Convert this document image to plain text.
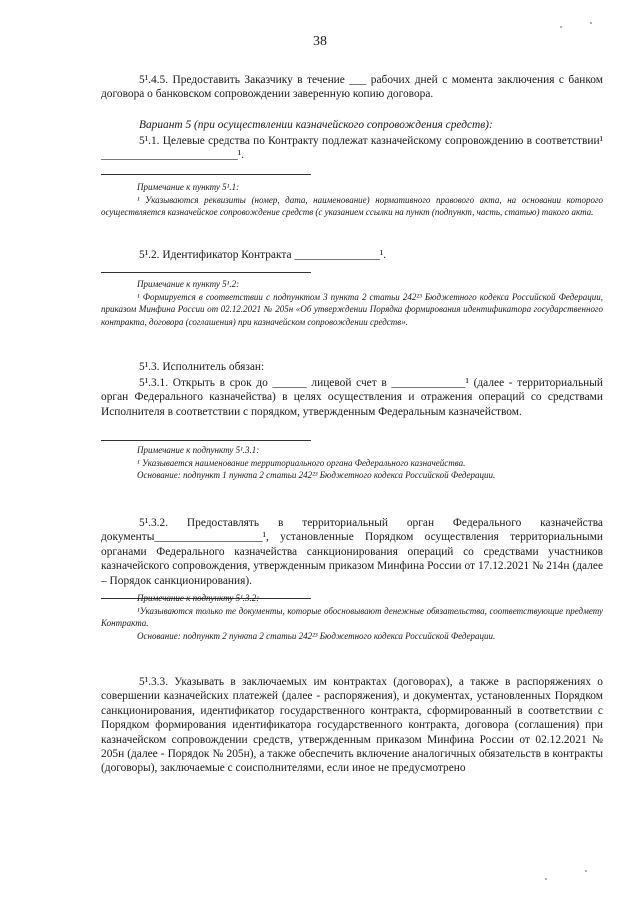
38
5¹.4.5. Предоставить Заказчику в течение ___ рабочих дней с момента заключения с банком договора о банковском сопровождении заверенную копию договора.
Вариант 5 (при осуществлении казначейского сопровождения средств):
5¹.1. Целевые средства по Контракту подлежат казначейскому сопровождению в соответствии¹ ________________________¹.
Примечание к пункту 5¹.1:
¹ Указываются реквизиты (номер, дата, наименование) нормативного правового акта, на основании которого осуществляется казначейское сопровождение средств (с указанием ссылки на пункт (подпункт, часть, статью) такого акта.
5¹.2. Идентификатор Контракта _______________¹.
Примечание к пункту 5¹.2:
¹ Формируется в соответствии с подпунктом 3 пункта 2 статьи 242²³ Бюджетного кодекса Российской Федерации, приказом Минфина России от 02.12.2021 № 205н «Об утверждении Порядка формирования идентификатора государственного контракта, договора (соглашения) при казначейском сопровождении средств».
5¹.3. Исполнитель обязан:
5¹.3.1. Открыть в срок до ______ лицевой счет в _____________¹ (далее - территориальный орган Федерального казначейства) в целях осуществления и отражения операций со средствами Исполнителя в соответствии с порядком, утвержденным Федеральным казначейством.
Примечание к подпункту 5¹.3.1:
¹ Указывается наименование территориального органа Федерального казначейства.
Основание: подпункт 1 пункта 2 статьи 242²³ Бюджетного кодекса Российской Федерации.
5¹.3.2. Предоставлять в территориальный орган Федерального казначейства документы___________________¹, установленные Порядком осуществления территориальными органами Федерального казначейства санкционирования операций со средствами участников казначейского сопровождения, утвержденным приказом Минфина России от 17.12.2021 № 214н (далее – Порядок санкционирования).
Примечание к подпункту 5¹.3.2:
¹Указываются только те документы, которые обосновывают денежные обязательства, соответствующие предмету Контракта.
Основание: подпункт 2 пункта 2 статьи 242²³ Бюджетного кодекса Российской Федерации.
5¹.3.3. Указывать в заключаемых им контрактах (договорах), а также в распоряжениях о совершении казначейских платежей (далее - распоряжения), и документах, установленных Порядком санкционирования, идентификатор государственного контракта, сформированный в соответствии с Порядком формирования идентификатора государственного контракта, договора (соглашения) при казначейском сопровождении средств, утвержденным приказом Минфина России от 02.12.2021 № 205н (далее - Порядок № 205н), а также обеспечить включение аналогичных обязательств в контракты (договоры), заключаемые с соисполнителями, если иное не предусмотрено
